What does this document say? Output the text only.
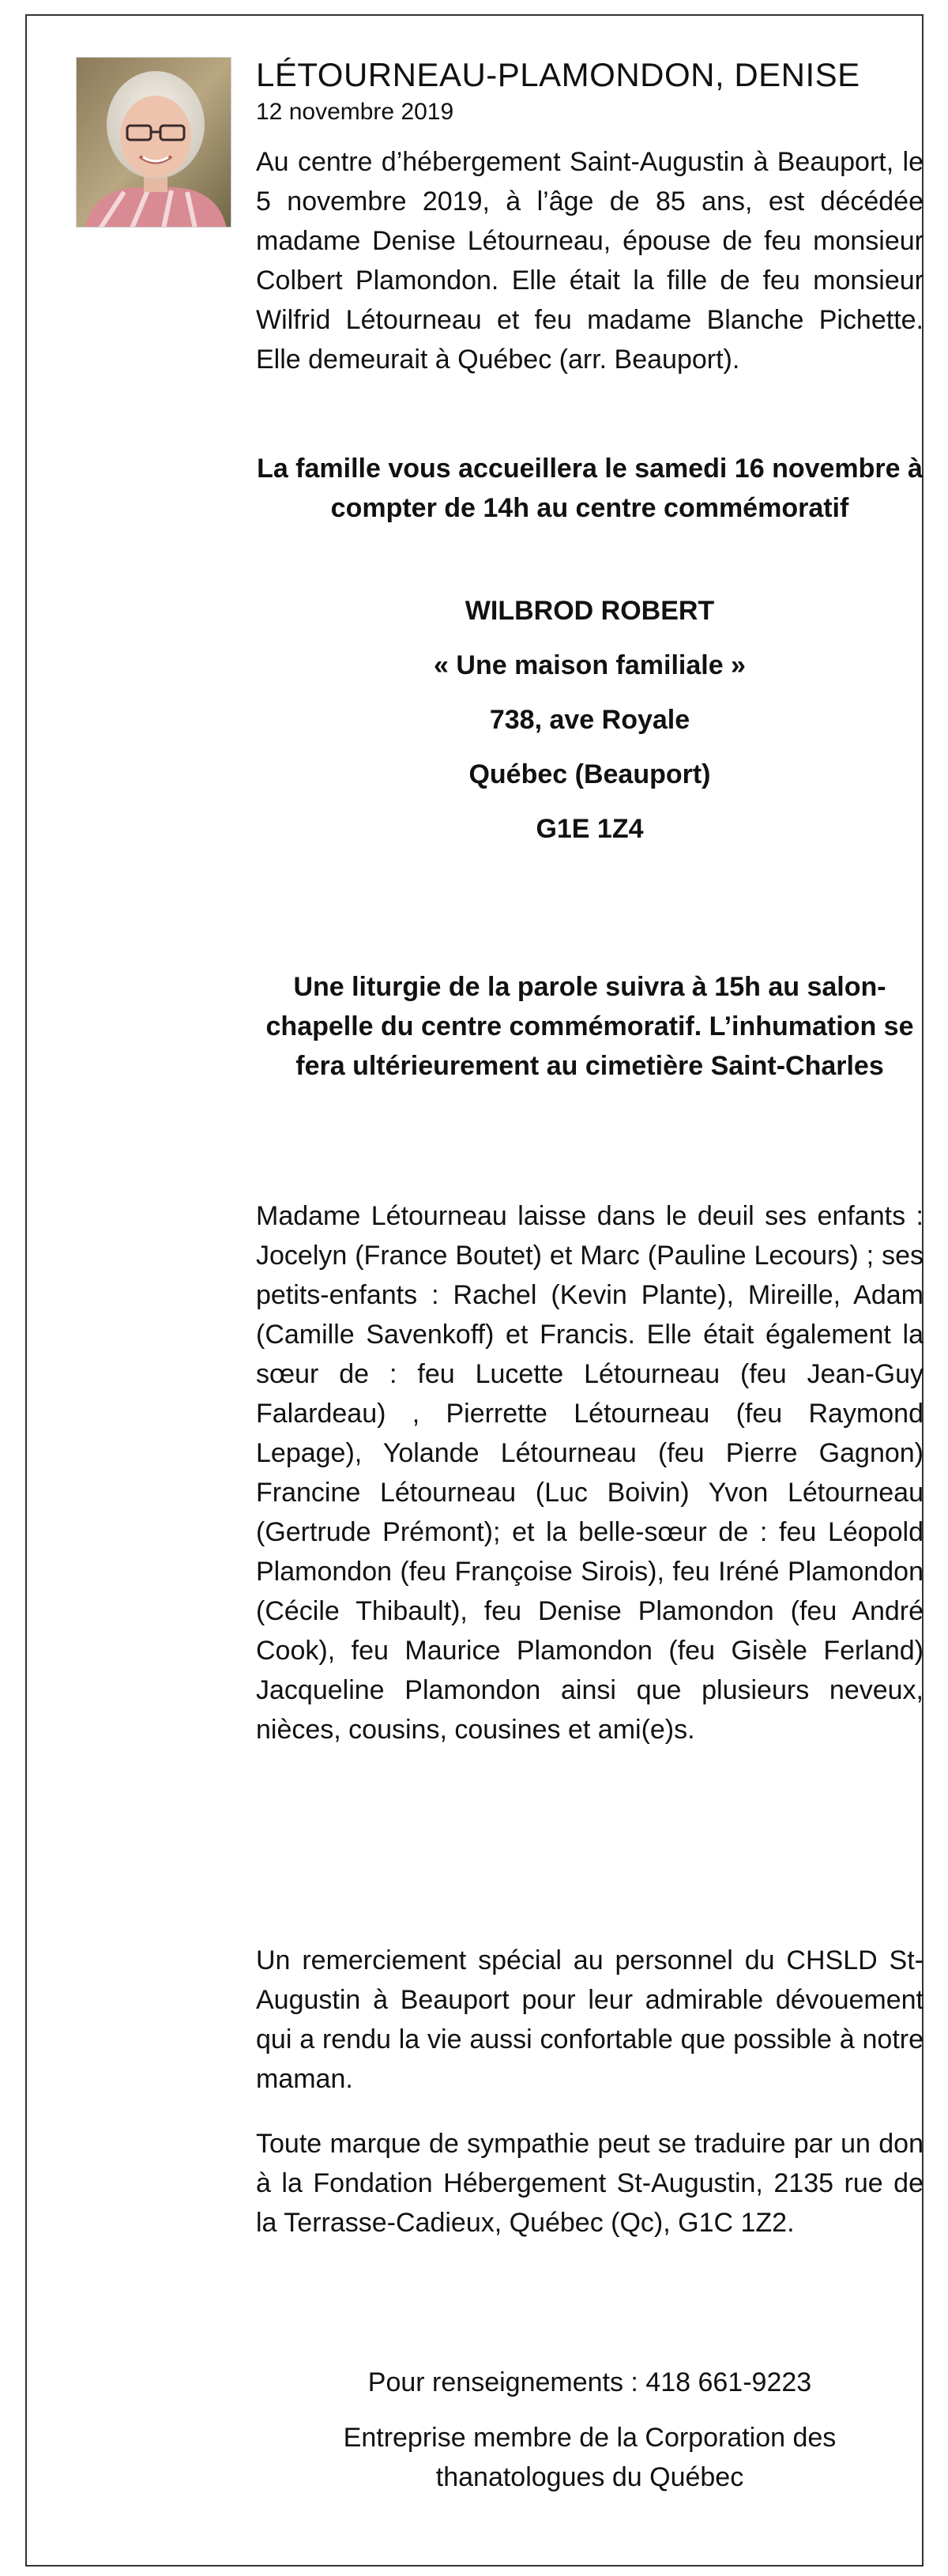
LÉTOURNEAU-PLAMONDON, DENISE
12 novembre 2019

Au centre d’hébergement Saint-Augustin à Beauport, le 5 novembre 2019, à l’âge de 85 ans, est décédée madame Denise Létourneau, épouse de feu monsieur Colbert Plamondon. Elle était la fille de feu monsieur Wilfrid Létourneau et feu madame Blanche Pichette. Elle demeurait à Québec (arr. Beauport).

La famille vous accueillera le samedi 16 novembre à compter de 14h au centre commémoratif

WILBROD ROBERT

« Une maison familiale »

738, ave Royale

Québec (Beauport)

G1E 1Z4

Une liturgie de la parole suivra à 15h au salon-chapelle du centre commémoratif. L’inhumation se fera ultérieurement au cimetière Saint-Charles

Madame Létourneau laisse dans le deuil ses enfants : Jocelyn (France Boutet) et Marc (Pauline Lecours) ; ses petits-enfants : Rachel (Kevin Plante), Mireille, Adam (Camille Savenkoff) et Francis. Elle était également la sœur de : feu Lucette Létourneau (feu Jean-Guy Falardeau) , Pierrette Létourneau (feu Raymond Lepage), Yolande Létourneau (feu Pierre Gagnon) Francine Létourneau (Luc Boivin) Yvon Létourneau (Gertrude Prémont); et la belle-sœur de : feu Léopold Plamondon (feu Françoise Sirois), feu Iréné Plamondon (Cécile Thibault), feu Denise Plamondon (feu André Cook), feu Maurice Plamondon (feu Gisèle Ferland) Jacqueline Plamondon ainsi que plusieurs neveux, nièces, cousins, cousines et ami(e)s.

Un remerciement spécial au personnel du CHSLD St-Augustin à Beauport pour leur admirable dévouement qui a rendu la vie aussi confortable que possible à notre maman.

Toute marque de sympathie peut se traduire par un don à la Fondation Hébergement St-Augustin, 2135 rue de la Terrasse-Cadieux, Québec (Qc), G1C 1Z2.

Pour renseignements : 418 661-9223

Entreprise membre de la Corporation des thanatologues du Québec
